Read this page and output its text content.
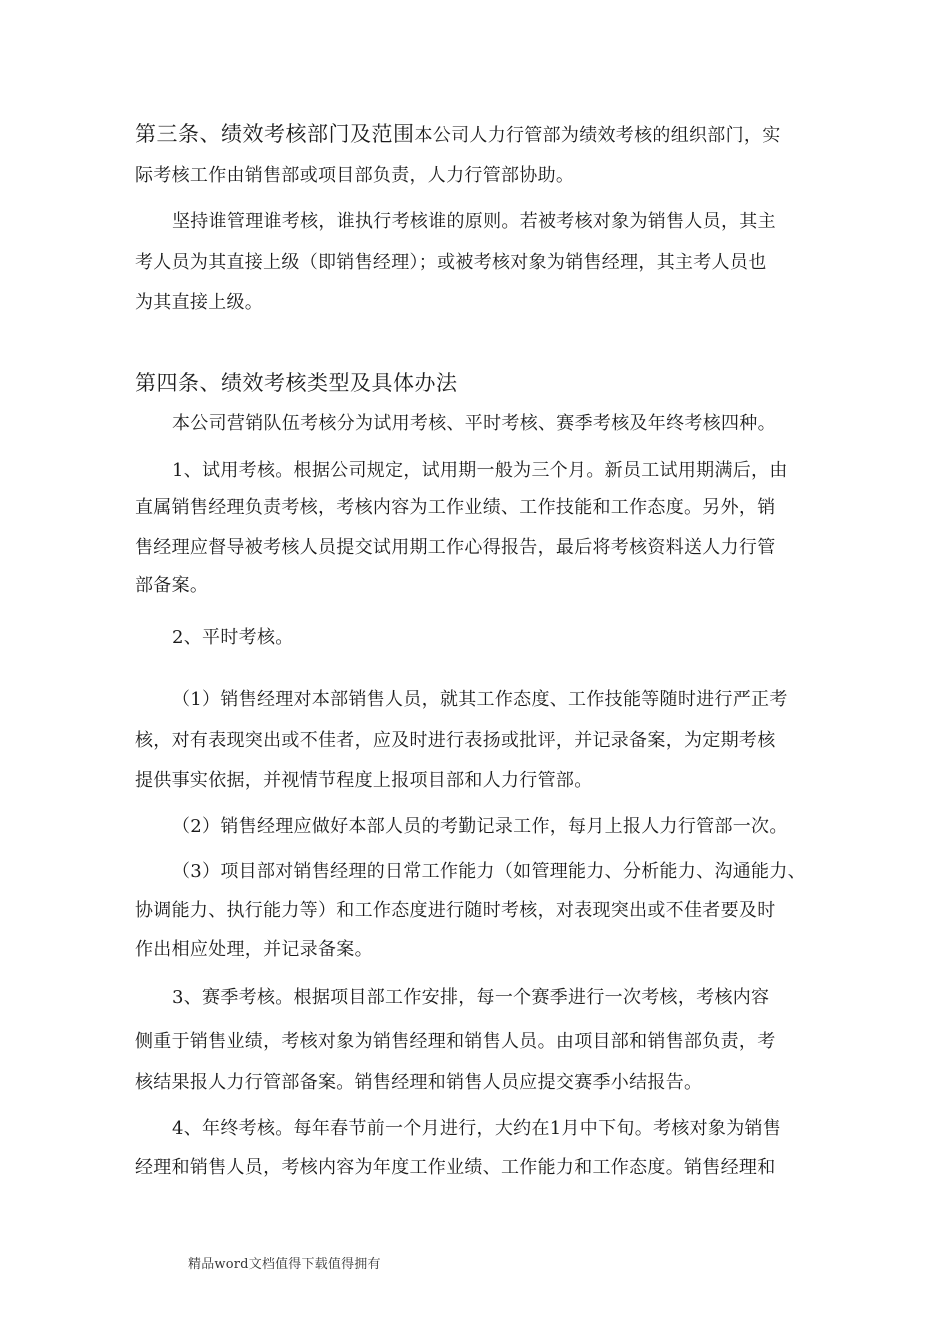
第三条、绩效考核部门及范围本公司人力行管部为绩效考核的组织部门，实
际考核工作由销售部或项目部负责，人力行管部协助。
坚持谁管理谁考核，谁执行考核谁的原则。若被考核对象为销售人员，其主
考人员为其直接上级（即销售经理）；或被考核对象为销售经理，其主考人员也
为其直接上级。
第四条、绩效考核类型及具体办法
本公司营销队伍考核分为试用考核、平时考核、赛季考核及年终考核四种。
1、试用考核。根据公司规定，试用期一般为三个月。新员工试用期满后，由
直属销售经理负责考核，考核内容为工作业绩、工作技能和工作态度。另外，销
售经理应督导被考核人员提交试用期工作心得报告，最后将考核资料送人力行管
部备案。
2、平时考核。
（1）销售经理对本部销售人员，就其工作态度、工作技能等随时进行严正考
核，对有表现突出或不佳者，应及时进行表扬或批评，并记录备案，为定期考核
提供事实依据，并视情节程度上报项目部和人力行管部。
（2）销售经理应做好本部人员的考勤记录工作，每月上报人力行管部一次。
（3）项目部对销售经理的日常工作能力（如管理能力、分析能力、沟通能力、
协调能力、执行能力等）和工作态度进行随时考核，对表现突出或不佳者要及时
作出相应处理，并记录备案。
3、赛季考核。根据项目部工作安排，每一个赛季进行一次考核，考核内容
侧重于销售业绩，考核对象为销售经理和销售人员。由项目部和销售部负责，考
核结果报人力行管部备案。销售经理和销售人员应提交赛季小结报告。
4、年终考核。每年春节前一个月进行，大约在1月中下旬。考核对象为销售
经理和销售人员，考核内容为年度工作业绩、工作能力和工作态度。销售经理和
精品word文档值得下载值得拥有
